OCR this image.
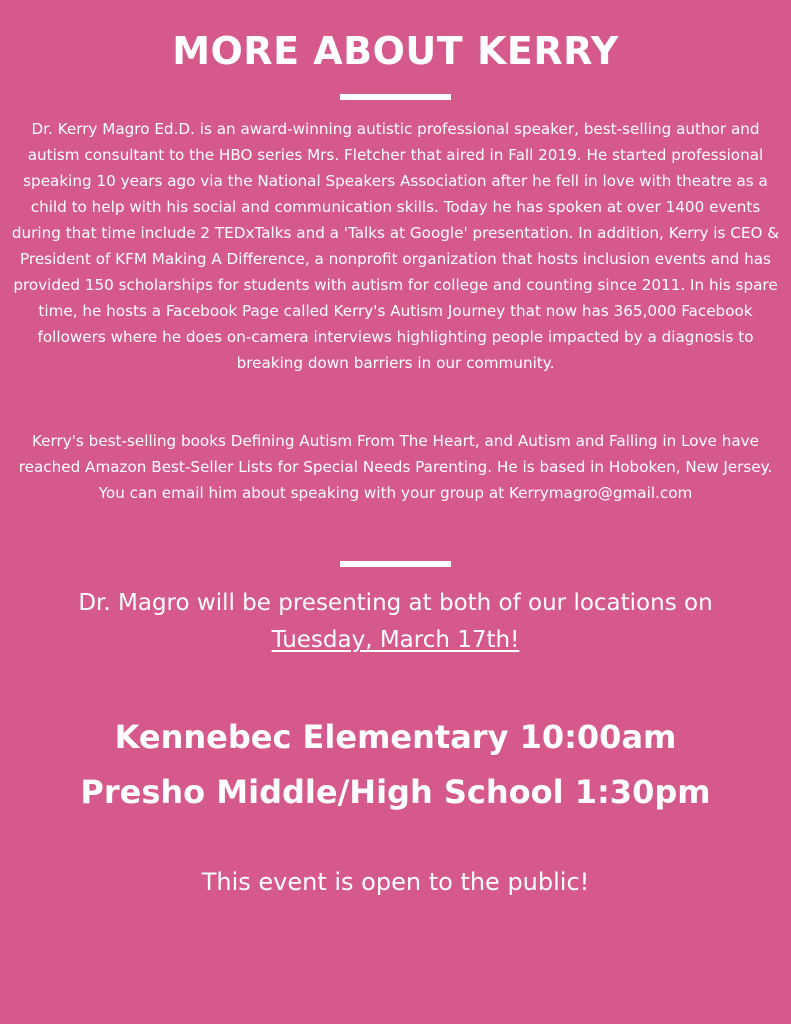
MORE ABOUT KERRY
Dr. Kerry Magro Ed.D. is an award-winning autistic professional speaker, best-selling author and autism consultant to the HBO series Mrs. Fletcher that aired in Fall 2019. He started professional speaking 10 years ago via the National Speakers Association after he fell in love with theatre as a child to help with his social and communication skills. Today he has spoken at over 1400 events during that time include 2 TEDxTalks and a 'Talks at Google' presentation. In addition, Kerry is CEO & President of KFM Making A Difference, a nonprofit organization that hosts inclusion events and has provided 150 scholarships for students with autism for college and counting since 2011. In his spare time, he hosts a Facebook Page called Kerry's Autism Journey that now has 365,000 Facebook followers where he does on-camera interviews highlighting people impacted by a diagnosis to breaking down barriers in our community.
Kerry's best-selling books Defining Autism From The Heart, and Autism and Falling in Love have reached Amazon Best-Seller Lists for Special Needs Parenting. He is based in Hoboken, New Jersey. You can email him about speaking with your group at Kerrymagro@gmail.com
Dr. Magro will be presenting at both of our locations on
Tuesday, March 17th!
Kennebec Elementary 10:00am
Presho Middle/High School 1:30pm
This event is open to the public!
